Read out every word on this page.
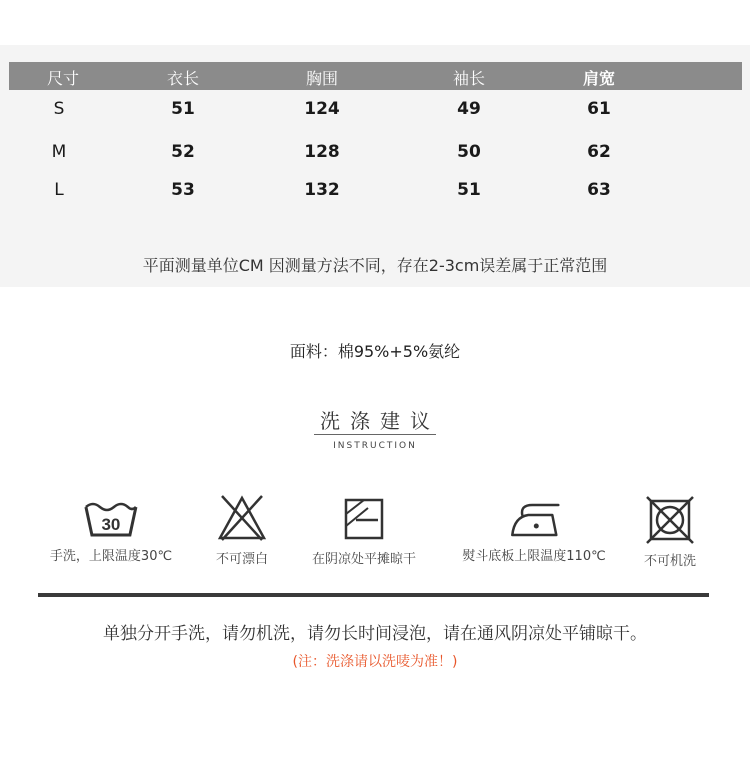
尺寸	衣长	胸围	袖长	肩宽
S	51	124	49	61
M	52	128	50	62
L	53	132	51	63
平面测量单位CM 因测量方法不同，存在2-3cm误差属于正常范围
面料：棉95%+5%氨纶
洗涤建议
INSTRUCTION
30
手洗，上限温度30℃	不可漂白	在阴凉处平摊晾干	熨斗底板上限温度110℃	不可机洗
单独分开手洗，请勿机洗，请勿长时间浸泡，请在通风阴凉处平铺晾干。
(注：洗涤请以洗唛为准！)
